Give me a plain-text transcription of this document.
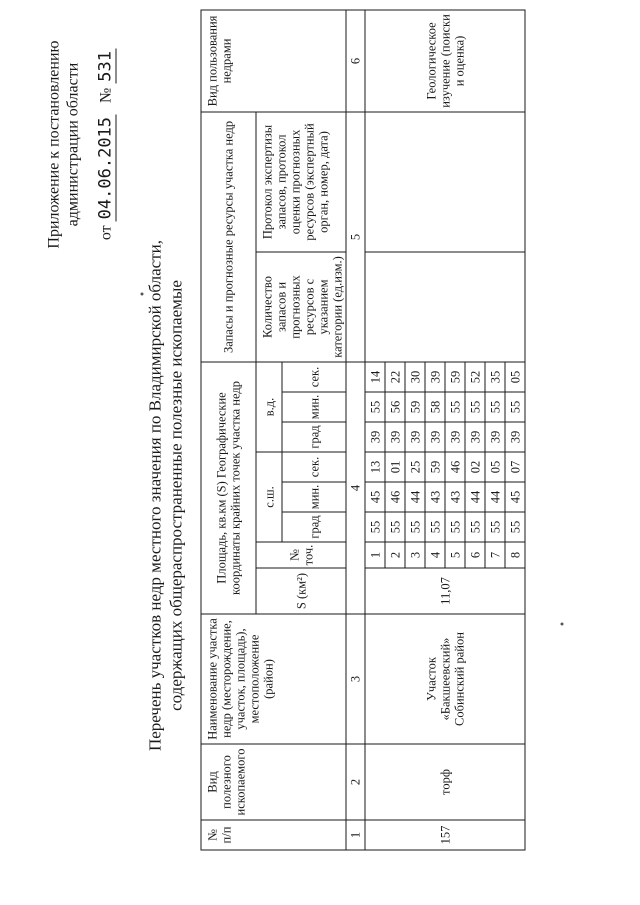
Приложение к постановлению администрации области
от 04.06.2015   № 531
Перечень участков недр местного значения по Владимирской области, содержащих общераспространенные полезные ископаемые
№ п/п	Вид полезного ископаемого	Наименование участка недр (месторождение, участок, площадь), местоположение (район)	Площадь, кв.км (S) Географические координаты крайних точек участка недр								Запасы и прогнозные ресурсы участка недр		Вид пользования недрами
			S (км²)	№ точ.	с.ш.			в.д.			Количество запасов и прогнозных ресурсов с указанием категории (ед.изм.)	Протокол экспертизы запасов, протокол оценки прогнозных ресурсов (экспертный орган, номер, дата)	
					град	мин.	сек.	град	мин.	сек.			
1	2	3	4								5		6
157	торф	Участок «Бакшеевский» Собинский район	11,07	1	55	45	13	39	55	14			Геологическое изучение (поиски и оценка)
				2	55	46	01	39	56	22			
				3	55	44	25	39	59	30			
				4	55	43	59	39	58	39			
				5	55	43	46	39	55	59			
				6	55	44	02	39	55	52			
				7	55	44	05	39	55	35			
				8	55	45	07	39	55	05			
